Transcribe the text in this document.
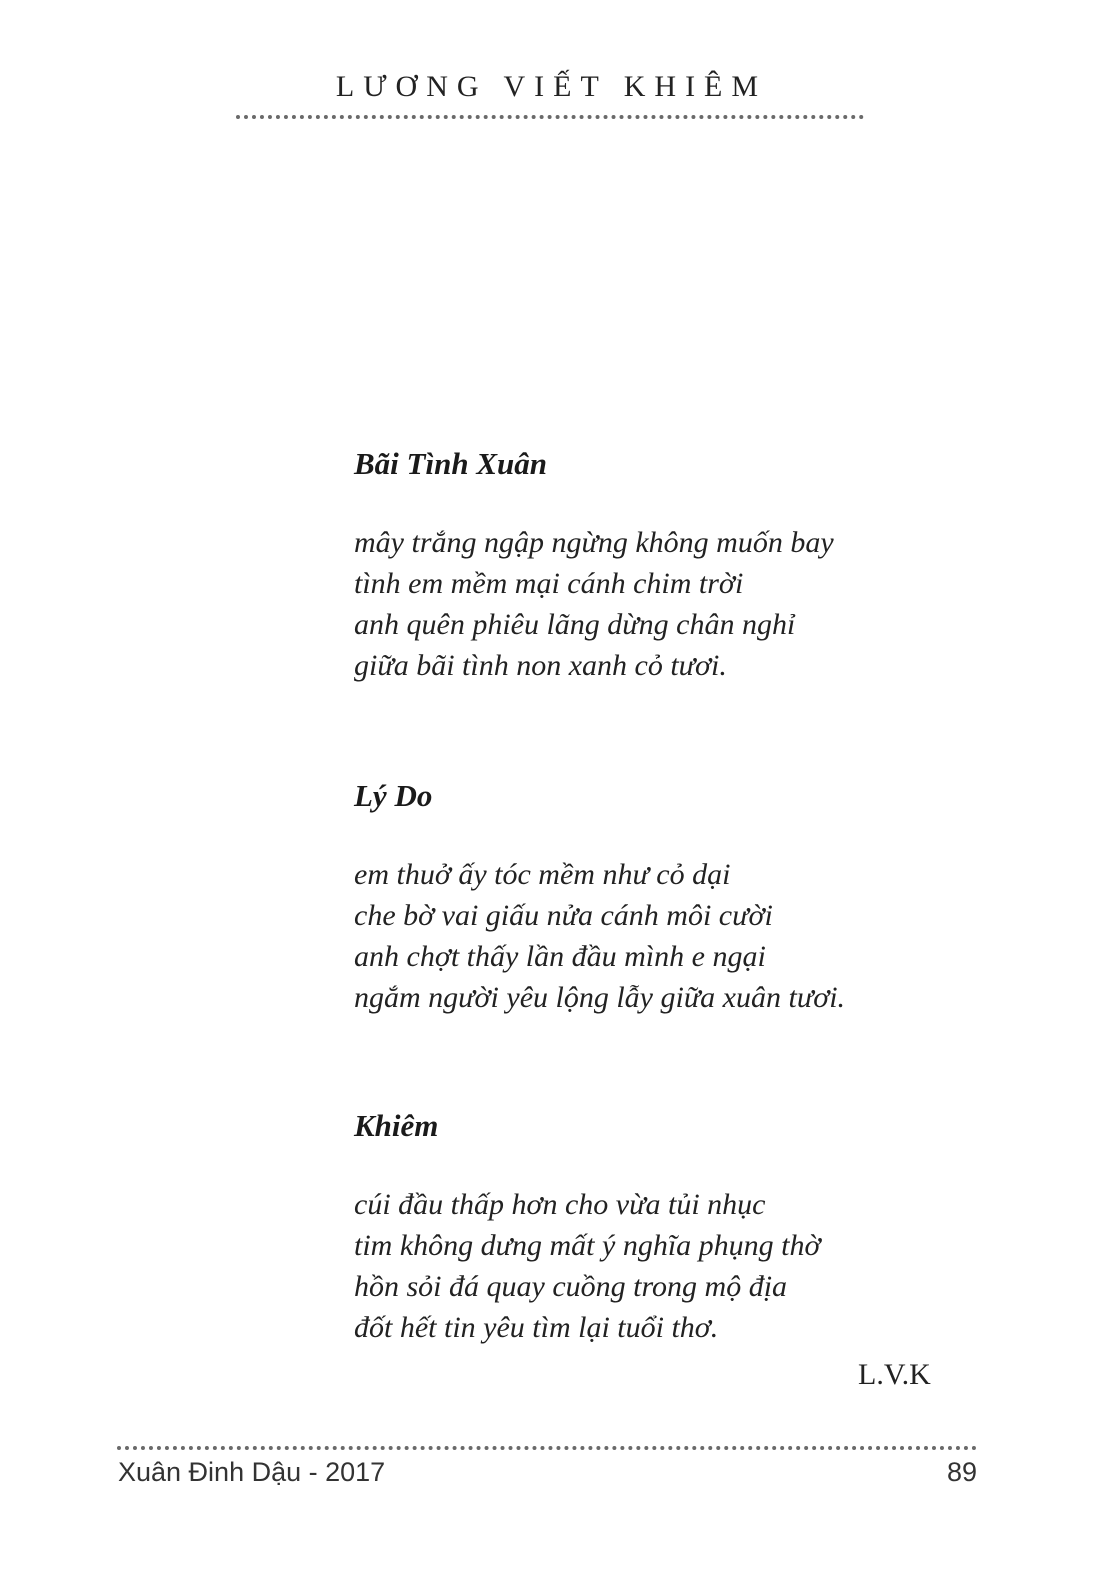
LƯƠNG VIẾT KHIÊM
Bãi Tình Xuân
mây trắng ngập ngừng không muốn bay
tình em mềm mại cánh chim trời
anh quên phiêu lãng dừng chân nghỉ
giữa bãi tình non xanh cỏ tươi.
Lý Do
em thuở ấy tóc mềm như cỏ dại
che bờ vai giấu nửa cánh môi cười
anh chợt thấy lần đầu mình e ngại
ngắm người yêu lộng lẫy giữa xuân tươi.
Khiêm
cúi đầu thấp hơn cho vừa tủi nhục
tim không dưng mất ý nghĩa phụng thờ
hồn sỏi đá quay cuồng trong mộ địa
đốt hết tin yêu tìm lại tuổi thơ.
L.V.K
Xuân Đinh Dậu - 2017	89
